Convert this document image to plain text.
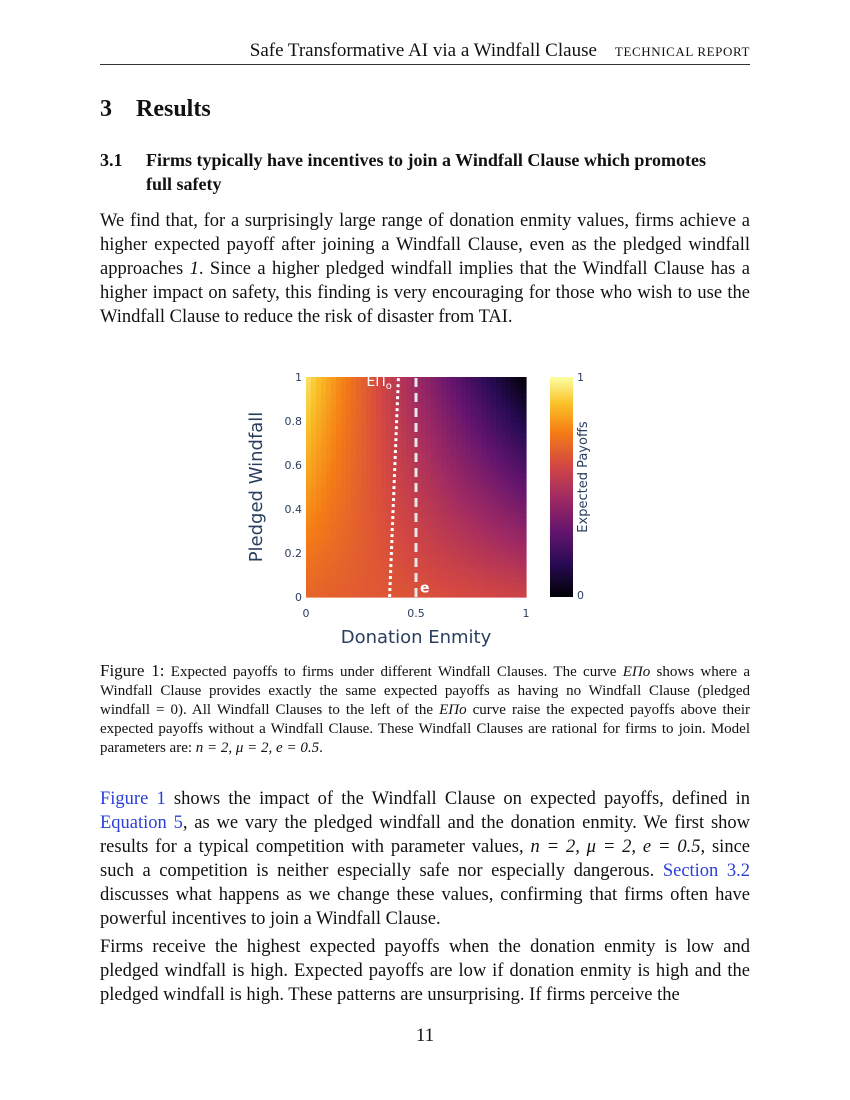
Safe Transformative AI via a Windfall Clause TECHNICAL REPORT
3 Results
3.1 Firms typically have incentives to join a Windfall Clause which promotes full safety

We find that, for a surprisingly large range of donation enmity values, firms achieve a higher expected payoff after joining a Windfall Clause, even as the pledged windfall approaches 1. Since a higher pledged windfall implies that the Windfall Clause has a higher impact on safety, this finding is very encouraging for those who wish to use the Windfall Clause to reduce the risk of disaster from TAI.

$E\Pi_o$
e
0	0.5	1
0
0.2
0.4
0.6
0.8
1
Donation Enmity
Pledged Windfall
0
1
Expected Payoffs

Figure 1: Expected payoffs to firms under different Windfall Clauses. The curve EΠo shows where a Windfall Clause provides exactly the same expected payoffs as having no Windfall Clause (pledged windfall = 0). All Windfall Clauses to the left of the EΠo curve raise the expected payoffs above their expected payoffs without a Windfall Clause. These Windfall Clauses are rational for firms to join. Model parameters are: n = 2, μ = 2, e = 0.5.

Figure 1 shows the impact of the Windfall Clause on expected payoffs, defined in Equation 5, as we vary the pledged windfall and the donation enmity. We first show results for a typical competition with parameter values, n = 2, μ = 2, e = 0.5, since such a competition is neither especially safe nor especially dangerous. Section 3.2 discusses what happens as we change these values, confirming that firms often have powerful incentives to join a Windfall Clause.

Firms receive the highest expected payoffs when the donation enmity is low and pledged windfall is high. Expected payoffs are low if donation enmity is high and the pledged windfall is high. These patterns are unsurprising. If firms perceive the

11
